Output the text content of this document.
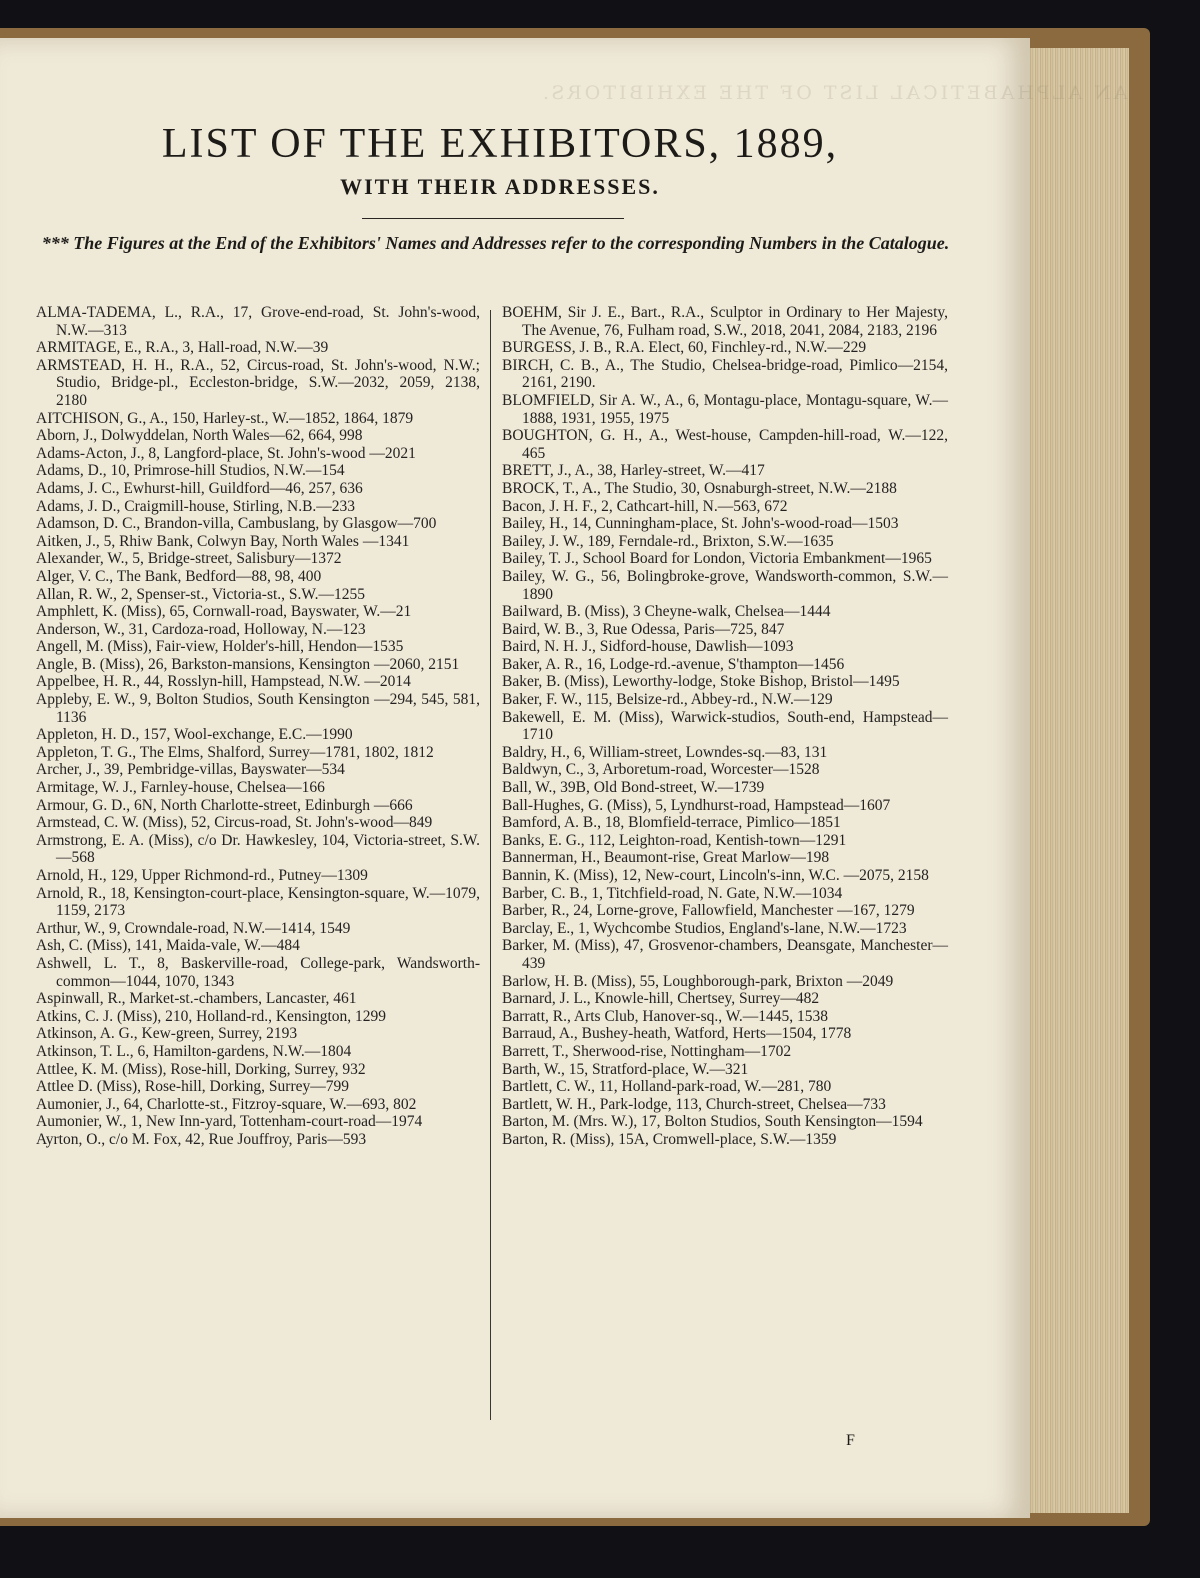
AN ALPHABETICAL LIST OF THE EXHIBITORS.
LIST OF THE EXHIBITORS, 1889,
WITH THEIR ADDRESSES.
*** The Figures at the End of the Exhibitors' Names and Addresses refer to the corresponding Numbers in the Catalogue.

ALMA-TADEMA, L., R.A., 17, Grove-end-road, St. John's-wood, N.W.—313

ARMITAGE, E., R.A., 3, Hall-road, N.W.—39

ARMSTEAD, H. H., R.A., 52, Circus-road, St. John's-wood, N.W.; Studio, Bridge-pl., Eccleston-bridge, S.W.—2032, 2059, 2138, 2180

AITCHISON, G., A., 150, Harley-st., W.—1852, 1864, 1879

Aborn, J., Dolwyddelan, North Wales—62, 664, 998

Adams-Acton, J., 8, Langford-place, St. John's-wood —2021

Adams, D., 10, Primrose-hill Studios, N.W.—154

Adams, J. C., Ewhurst-hill, Guildford—46, 257, 636

Adams, J. D., Craigmill-house, Stirling, N.B.—233

Adamson, D. C., Brandon-villa, Cambuslang, by Glasgow—700

Aitken, J., 5, Rhiw Bank, Colwyn Bay, North Wales —1341

Alexander, W., 5, Bridge-street, Salisbury—1372

Alger, V. C., The Bank, Bedford—88, 98, 400

Allan, R. W., 2, Spenser-st., Victoria-st., S.W.—1255

Amphlett, K. (Miss), 65, Cornwall-road, Bayswater, W.—21

Anderson, W., 31, Cardoza-road, Holloway, N.—123

Angell, M. (Miss), Fair-view, Holder's-hill, Hendon—1535

Angle, B. (Miss), 26, Barkston-mansions, Kensington —2060, 2151

Appelbee, H. R., 44, Rosslyn-hill, Hampstead, N.W. —2014

Appleby, E. W., 9, Bolton Studios, South Kensington —294, 545, 581, 1136

Appleton, H. D., 157, Wool-exchange, E.C.—1990

Appleton, T. G., The Elms, Shalford, Surrey—1781, 1802, 1812

Archer, J., 39, Pembridge-villas, Bayswater—534

Armitage, W. J., Farnley-house, Chelsea—166

Armour, G. D., 6N, North Charlotte-street, Edinburgh —666

Armstead, C. W. (Miss), 52, Circus-road, St. John's-wood—849

Armstrong, E. A. (Miss), c/o Dr. Hawkesley, 104, Victoria-street, S.W.—568

Arnold, H., 129, Upper Richmond-rd., Putney—1309

Arnold, R., 18, Kensington-court-place, Kensington-square, W.—1079, 1159, 2173

Arthur, W., 9, Crowndale-road, N.W.—1414, 1549

Ash, C. (Miss), 141, Maida-vale, W.—484

Ashwell, L. T., 8, Baskerville-road, College-park, Wandsworth-common—1044, 1070, 1343

Aspinwall, R., Market-st.-chambers, Lancaster, 461

Atkins, C. J. (Miss), 210, Holland-rd., Kensington, 1299

Atkinson, A. G., Kew-green, Surrey, 2193

Atkinson, T. L., 6, Hamilton-gardens, N.W.—1804

Attlee, K. M. (Miss), Rose-hill, Dorking, Surrey, 932

Attlee D. (Miss), Rose-hill, Dorking, Surrey—799

Aumonier, J., 64, Charlotte-st., Fitzroy-square, W.—693, 802

Aumonier, W., 1, New Inn-yard, Tottenham-court-road—1974

Ayrton, O., c/o M. Fox, 42, Rue Jouffroy, Paris—593

BOEHM, Sir J. E., Bart., R.A., Sculptor in Ordinary to Her Majesty, The Avenue, 76, Fulham road, S.W., 2018, 2041, 2084, 2183, 2196

BURGESS, J. B., R.A. Elect, 60, Finchley-rd., N.W.—229

BIRCH, C. B., A., The Studio, Chelsea-bridge-road, Pimlico—2154, 2161, 2190.

BLOMFIELD, Sir A. W., A., 6, Montagu-place, Montagu-square, W.—1888, 1931, 1955, 1975

BOUGHTON, G. H., A., West-house, Campden-hill-road, W.—122, 465

BRETT, J., A., 38, Harley-street, W.—417

BROCK, T., A., The Studio, 30, Osnaburgh-street, N.W.—2188

Bacon, J. H. F., 2, Cathcart-hill, N.—563, 672

Bailey, H., 14, Cunningham-place, St. John's-wood-road—1503

Bailey, J. W., 189, Ferndale-rd., Brixton, S.W.—1635

Bailey, T. J., School Board for London, Victoria Embankment—1965

Bailey, W. G., 56, Bolingbroke-grove, Wandsworth-common, S.W.—1890

Bailward, B. (Miss), 3 Cheyne-walk, Chelsea—1444

Baird, W. B., 3, Rue Odessa, Paris—725, 847

Baird, N. H. J., Sidford-house, Dawlish—1093

Baker, A. R., 16, Lodge-rd.-avenue, S'thampton—1456

Baker, B. (Miss), Leworthy-lodge, Stoke Bishop, Bristol—1495

Baker, F. W., 115, Belsize-rd., Abbey-rd., N.W.—129

Bakewell, E. M. (Miss), Warwick-studios, South-end, Hampstead—1710

Baldry, H., 6, William-street, Lowndes-sq.—83, 131

Baldwyn, C., 3, Arboretum-road, Worcester—1528

Ball, W., 39B, Old Bond-street, W.—1739

Ball-Hughes, G. (Miss), 5, Lyndhurst-road, Hampstead—1607

Bamford, A. B., 18, Blomfield-terrace, Pimlico—1851

Banks, E. G., 112, Leighton-road, Kentish-town—1291

Bannerman, H., Beaumont-rise, Great Marlow—198

Bannin, K. (Miss), 12, New-court, Lincoln's-inn, W.C. —2075, 2158

Barber, C. B., 1, Titchfield-road, N. Gate, N.W.—1034

Barber, R., 24, Lorne-grove, Fallowfield, Manchester —167, 1279

Barclay, E., 1, Wychcombe Studios, England's-lane, N.W.—1723

Barker, M. (Miss), 47, Grosvenor-chambers, Deansgate, Manchester—439

Barlow, H. B. (Miss), 55, Loughborough-park, Brixton —2049

Barnard, J. L., Knowle-hill, Chertsey, Surrey—482

Barratt, R., Arts Club, Hanover-sq., W.—1445, 1538

Barraud, A., Bushey-heath, Watford, Herts—1504, 1778

Barrett, T., Sherwood-rise, Nottingham—1702

Barth, W., 15, Stratford-place, W.—321

Bartlett, C. W., 11, Holland-park-road, W.—281, 780

Bartlett, W. H., Park-lodge, 113, Church-street, Chelsea—733

Barton, M. (Mrs. W.), 17, Bolton Studios, South Kensington—1594

Barton, R. (Miss), 15A, Cromwell-place, S.W.—1359

F
